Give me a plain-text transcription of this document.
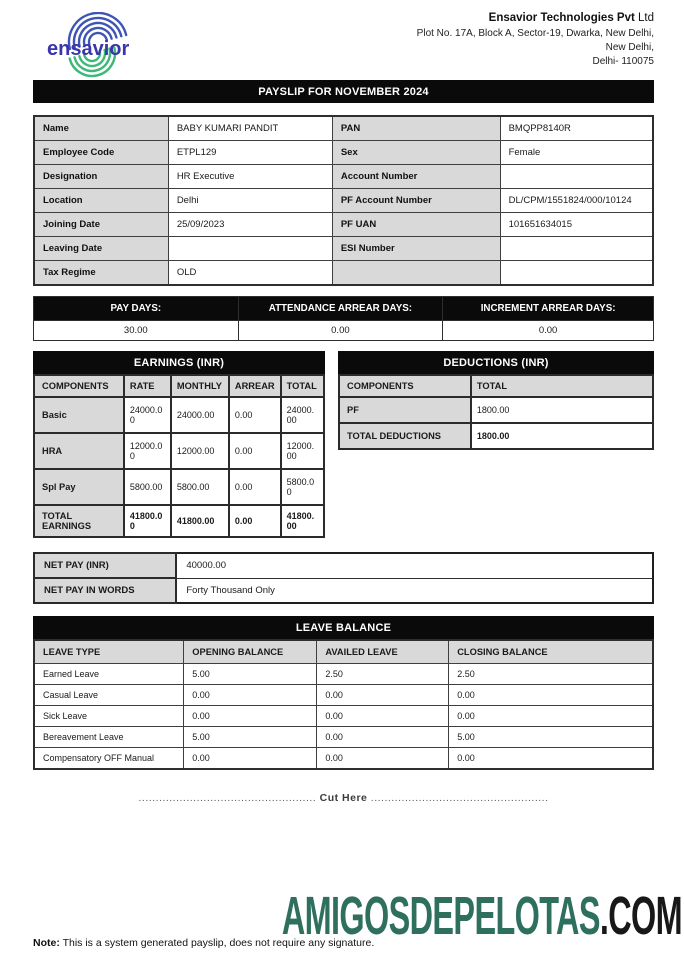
ensavior
Ensavior Technologies Pvt Ltd
Plot No. 17A, Block A, Sector-19, Dwarka, New Delhi,
New Delhi,
Delhi- 110075
PAYSLIP FOR NOVEMBER 2024
Name	BABY KUMARI PANDIT	PAN	BMQPP8140R
Employee Code	ETPL129	Sex	Female
Designation	HR Executive	Account Number	
Location	Delhi	PF Account Number	DL/CPM/1551824/000/10124
Joining Date	25/09/2023	PF UAN	101651634015
Leaving Date		ESI Number	
Tax Regime	OLD		
PAY DAYS:	ATTENDANCE ARREAR DAYS:	INCREMENT ARREAR DAYS:
30.00	0.00	0.00
EARNINGS (INR)
COMPONENTS	RATE	MONTHLY	ARREAR	TOTAL
Basic	24000.00	24000.00	0.00	24000.00
HRA	12000.00	12000.00	0.00	12000.00
Spl Pay	5800.00	5800.00	0.00	5800.00
TOTAL EARNINGS	41800.00	41800.00	0.00	41800.00
DEDUCTIONS (INR)
COMPONENTS	TOTAL
PF	1800.00
TOTAL DEDUCTIONS	1800.00
NET PAY (INR)	40000.00
NET PAY IN WORDS	Forty Thousand Only
LEAVE BALANCE
LEAVE TYPE	OPENING BALANCE	AVAILED LEAVE	CLOSING BALANCE
Earned Leave	5.00	2.50	2.50
Casual Leave	0.00	0.00	0.00
Sick Leave	0.00	0.00	0.00
Bereavement Leave	5.00	0.00	5.00
Compensatory OFF Manual	0.00	0.00	0.00
.................................................... Cut Here ....................................................
Note: This is a system generated payslip, does not require any signature.
AMIGOSDEPELOTAS.COM
